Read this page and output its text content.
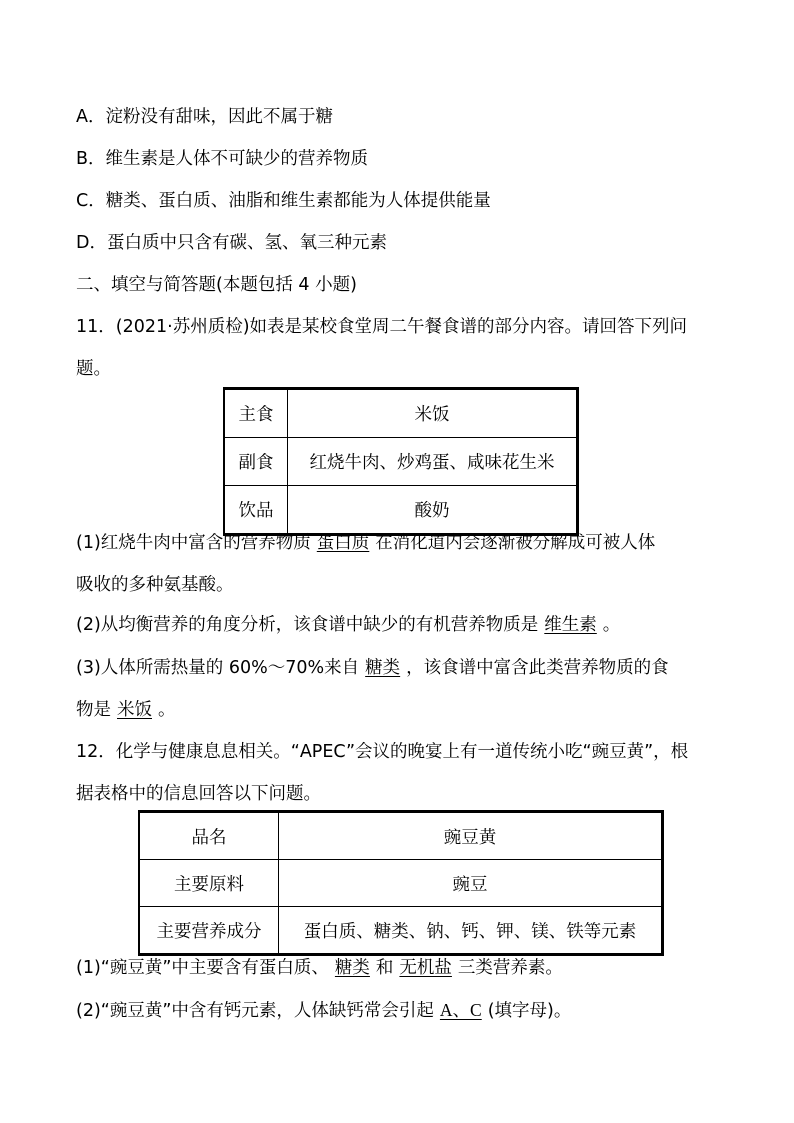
A．淀粉没有甜味，因此不属于糖
B．维生素是人体不可缺少的营养物质
C．糖类、蛋白质、油脂和维生素都能为人体提供能量
D．蛋白质中只含有碳、氢、氧三种元素
二、填空与简答题(本题包括 4 小题)
11．(2021·苏州质检)如表是某校食堂周二午餐食谱的部分内容。请回答下列问
题。
主食	米饭
副食	红烧牛肉、炒鸡蛋、咸味花生米
饮品	酸奶
(1)红烧牛肉中富含的营养物质 蛋白质 在消化道内会逐渐被分解成可被人体
吸收的多种氨基酸。
(2)从均衡营养的角度分析，该食谱中缺少的有机营养物质是 维生素 。
(3)人体所需热量的 60%～70%来自 糖类 ，该食谱中富含此类营养物质的食
物是 米饭 。
12．化学与健康息息相关。“APEC”会议的晚宴上有一道传统小吃“豌豆黄”，根
据表格中的信息回答以下问题。
品名	豌豆黄
主要原料	豌豆
主要营养成分	蛋白质、糖类、钠、钙、钾、镁、铁等元素
(1)“豌豆黄”中主要含有蛋白质、 糖类 和 无机盐 三类营养素。
(2)“豌豆黄”中含有钙元素，人体缺钙常会引起 A、C (填字母)。
